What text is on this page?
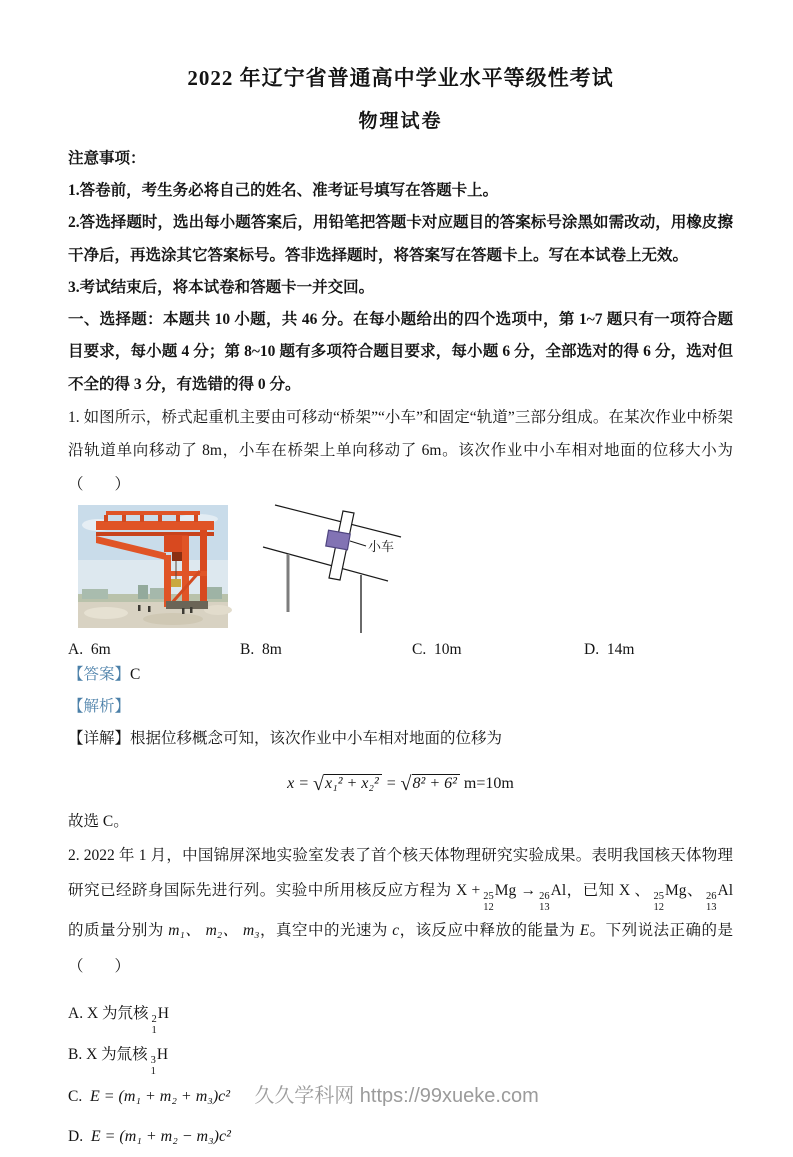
2022 年辽宁省普通高中学业水平等级性考试
物理试卷

注意事项：

1.答卷前，考生务必将自己的姓名、准考证号填写在答题卡上。

2.答选择题时，选出每小题答案后，用铅笔把答题卡对应题目的答案标号涂黑如需改动，用橡皮擦干净后，再选涂其它答案标号。答非选择题时，将答案写在答题卡上。写在本试卷上无效。

3.考试结束后，将本试卷和答题卡一并交回。

一、选择题：本题共 10 小题，共 46 分。在每小题给出的四个选项中，第 1~7 题只有一项符合题目要求，每小题 4 分；第 8~10 题有多项符合题目要求，每小题 6 分，全部选对的得 6 分，选对但不全的得 3 分，有选错的得 0 分。

1. 如图所示，桥式起重机主要由可移动“桥架”“小车”和固定“轨道”三部分组成。在某次作业中桥架沿轨道单向移动了 8m，小车在桥架上单向移动了 6m。该次作业中小车相对地面的位移大小为（　　）

小车
A. 6m	B. 8m	C. 10m	D. 14m

【答案】C

【解析】

【详解】根据位移概念可知，该次作业中小车相对地面的位移为

x = √x₁² + x₂² = √8² + 6² m=10m

故选 C。

2. 2022 年 1 月，中国锦屏深地实验室发表了首个核天体物理研究实验成果。表明我国核天体物理研究已经跻身国际先进行列。实验中所用核反应方程为 X + 25
12
Mg → 26
13
Al，已知 X 、 25
12
Mg、 26
13
Al 的质量分别为 m₁、 m₂、 m₃，真空中的光速为 c，该反应中释放的能量为 E。下列说法正确的是（　　）

A. X 为氘核 2
1
H
B. X 为氚核 3
1
H
C. E = (m₁ + m₂ + m₃)c²
D. E = (m₁ + m₂ − m₃)c²
久久学科网 https://99xueke.com
